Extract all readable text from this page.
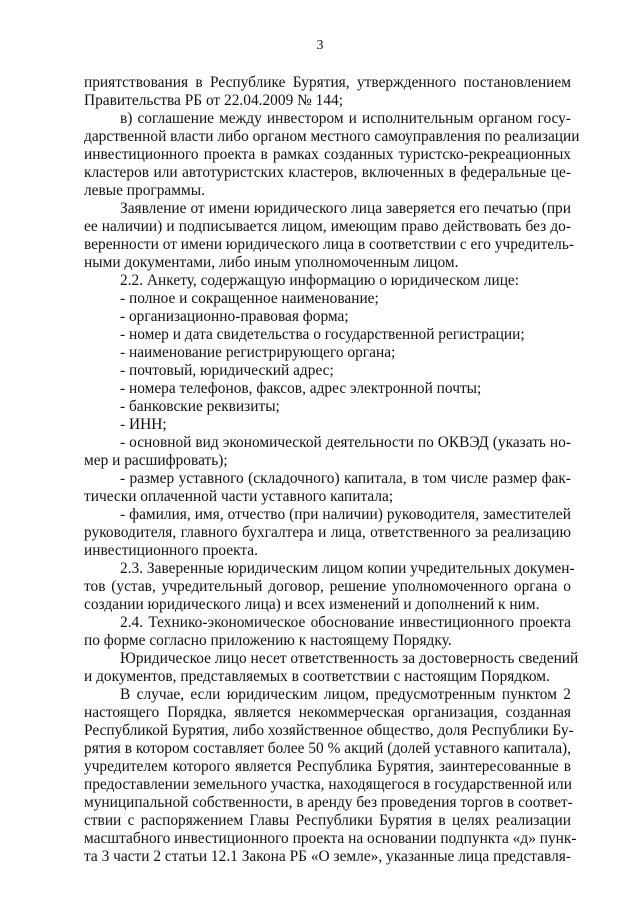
3
приятствования в Республике Бурятия, утвержденного постановлением
Правительства РБ от 22.04.2009 № 144;
в) соглашение между инвестором и исполнительным органом госу-
дарственной власти либо органом местного самоуправления по реализации
инвестиционного проекта в рамках созданных туристско-рекреационных
кластеров или автотуристских кластеров, включенных в федеральные це-
левые программы.
Заявление от имени юридического лица заверяется его печатью (при
ее наличии) и подписывается лицом, имеющим право действовать без до-
веренности от имени юридического лица в соответствии с его учредитель-
ными документами, либо иным уполномоченным лицом.
2.2. Анкету, содержащую информацию о юридическом лице:
- полное и сокращенное наименование;
- организационно-правовая форма;
- номер и дата свидетельства о государственной регистрации;
- наименование регистрирующего органа;
- почтовый, юридический адрес;
- номера телефонов, факсов, адрес электронной почты;
- банковские реквизиты;
- ИНН;
- основной вид экономической деятельности по ОКВЭД (указать но-
мер и расшифровать);
- размер уставного (складочного) капитала, в том числе размер фак-
тически оплаченной части уставного капитала;
- фамилия, имя, отчество (при наличии) руководителя, заместителей
руководителя, главного бухгалтера и лица, ответственного за реализацию
инвестиционного проекта.
2.3. Заверенные юридическим лицом копии учредительных докумен-
тов (устав, учредительный договор, решение уполномоченного органа о
создании юридического лица) и всех изменений и дополнений к ним.
2.4. Технико-экономическое обоснование инвестиционного проекта
по форме согласно приложению к настоящему Порядку.
Юридическое лицо несет ответственность за достоверность сведений
и документов, представляемых в соответствии с настоящим Порядком.
В случае, если юридическим лицом, предусмотренным пунктом 2
настоящего Порядка, является некоммерческая организация, созданная
Республикой Бурятия, либо хозяйственное общество, доля Республики Бу-
рятия в котором составляет более 50 % акций (долей уставного капитала),
учредителем которого является Республика Бурятия, заинтересованные в
предоставлении земельного участка, находящегося в государственной или
муниципальной собственности, в аренду без проведения торгов в соответ-
ствии с распоряжением Главы Республики Бурятия в целях реализации
масштабного инвестиционного проекта на основании подпункта «д» пунк-
та 3 части 2 статьи 12.1 Закона РБ «О земле», указанные лица представля-
